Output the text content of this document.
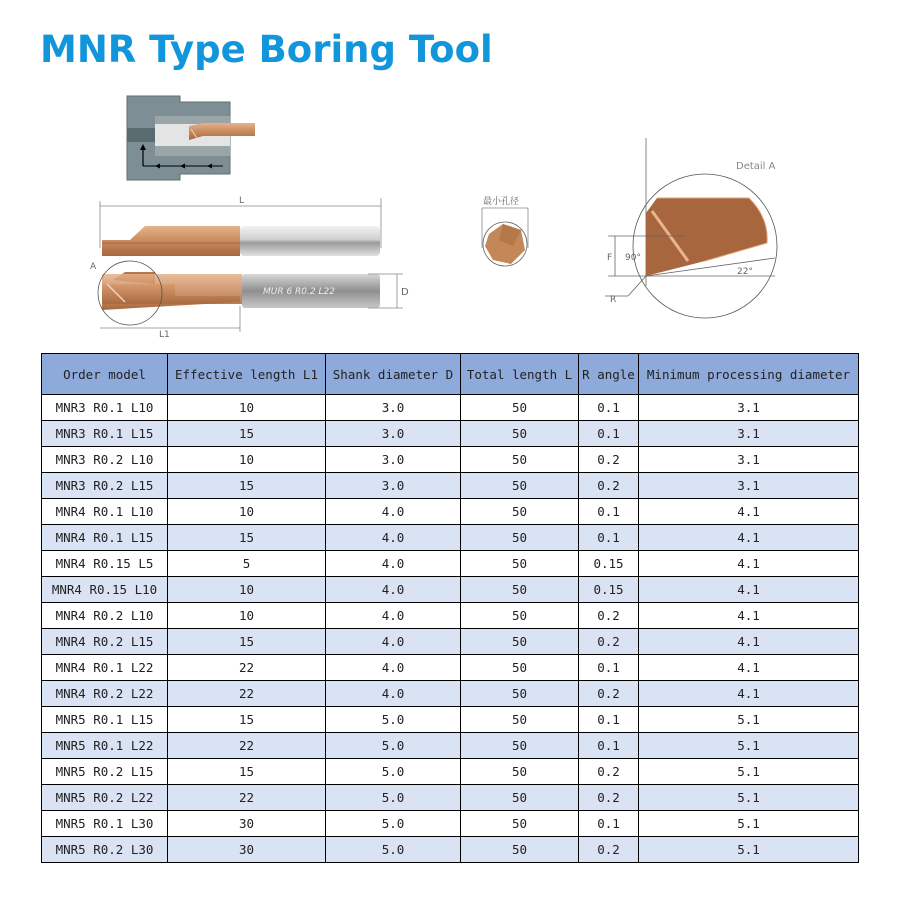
MNR Type Boring Tool
L
MUR 6 R0.2 L22
A
L1
D
最小孔径
Detail A
F 90°
22°
R
Order model	Effective length L1	Shank diameter D	Total length L	R angle	Minimum processing diameter
MNR3 R0.1 L10	10	3.0	50	0.1	3.1
MNR3 R0.1 L15	15	3.0	50	0.1	3.1
MNR3 R0.2 L10	10	3.0	50	0.2	3.1
MNR3 R0.2 L15	15	3.0	50	0.2	3.1
MNR4 R0.1 L10	10	4.0	50	0.1	4.1
MNR4 R0.1 L15	15	4.0	50	0.1	4.1
MNR4 R0.15 L5	5	4.0	50	0.15	4.1
MNR4 R0.15 L10	10	4.0	50	0.15	4.1
MNR4 R0.2 L10	10	4.0	50	0.2	4.1
MNR4 R0.2 L15	15	4.0	50	0.2	4.1
MNR4 R0.1 L22	22	4.0	50	0.1	4.1
MNR4 R0.2 L22	22	4.0	50	0.2	4.1
MNR5 R0.1 L15	15	5.0	50	0.1	5.1
MNR5 R0.1 L22	22	5.0	50	0.1	5.1
MNR5 R0.2 L15	15	5.0	50	0.2	5.1
MNR5 R0.2 L22	22	5.0	50	0.2	5.1
MNR5 R0.1 L30	30	5.0	50	0.1	5.1
MNR5 R0.2 L30	30	5.0	50	0.2	5.1
